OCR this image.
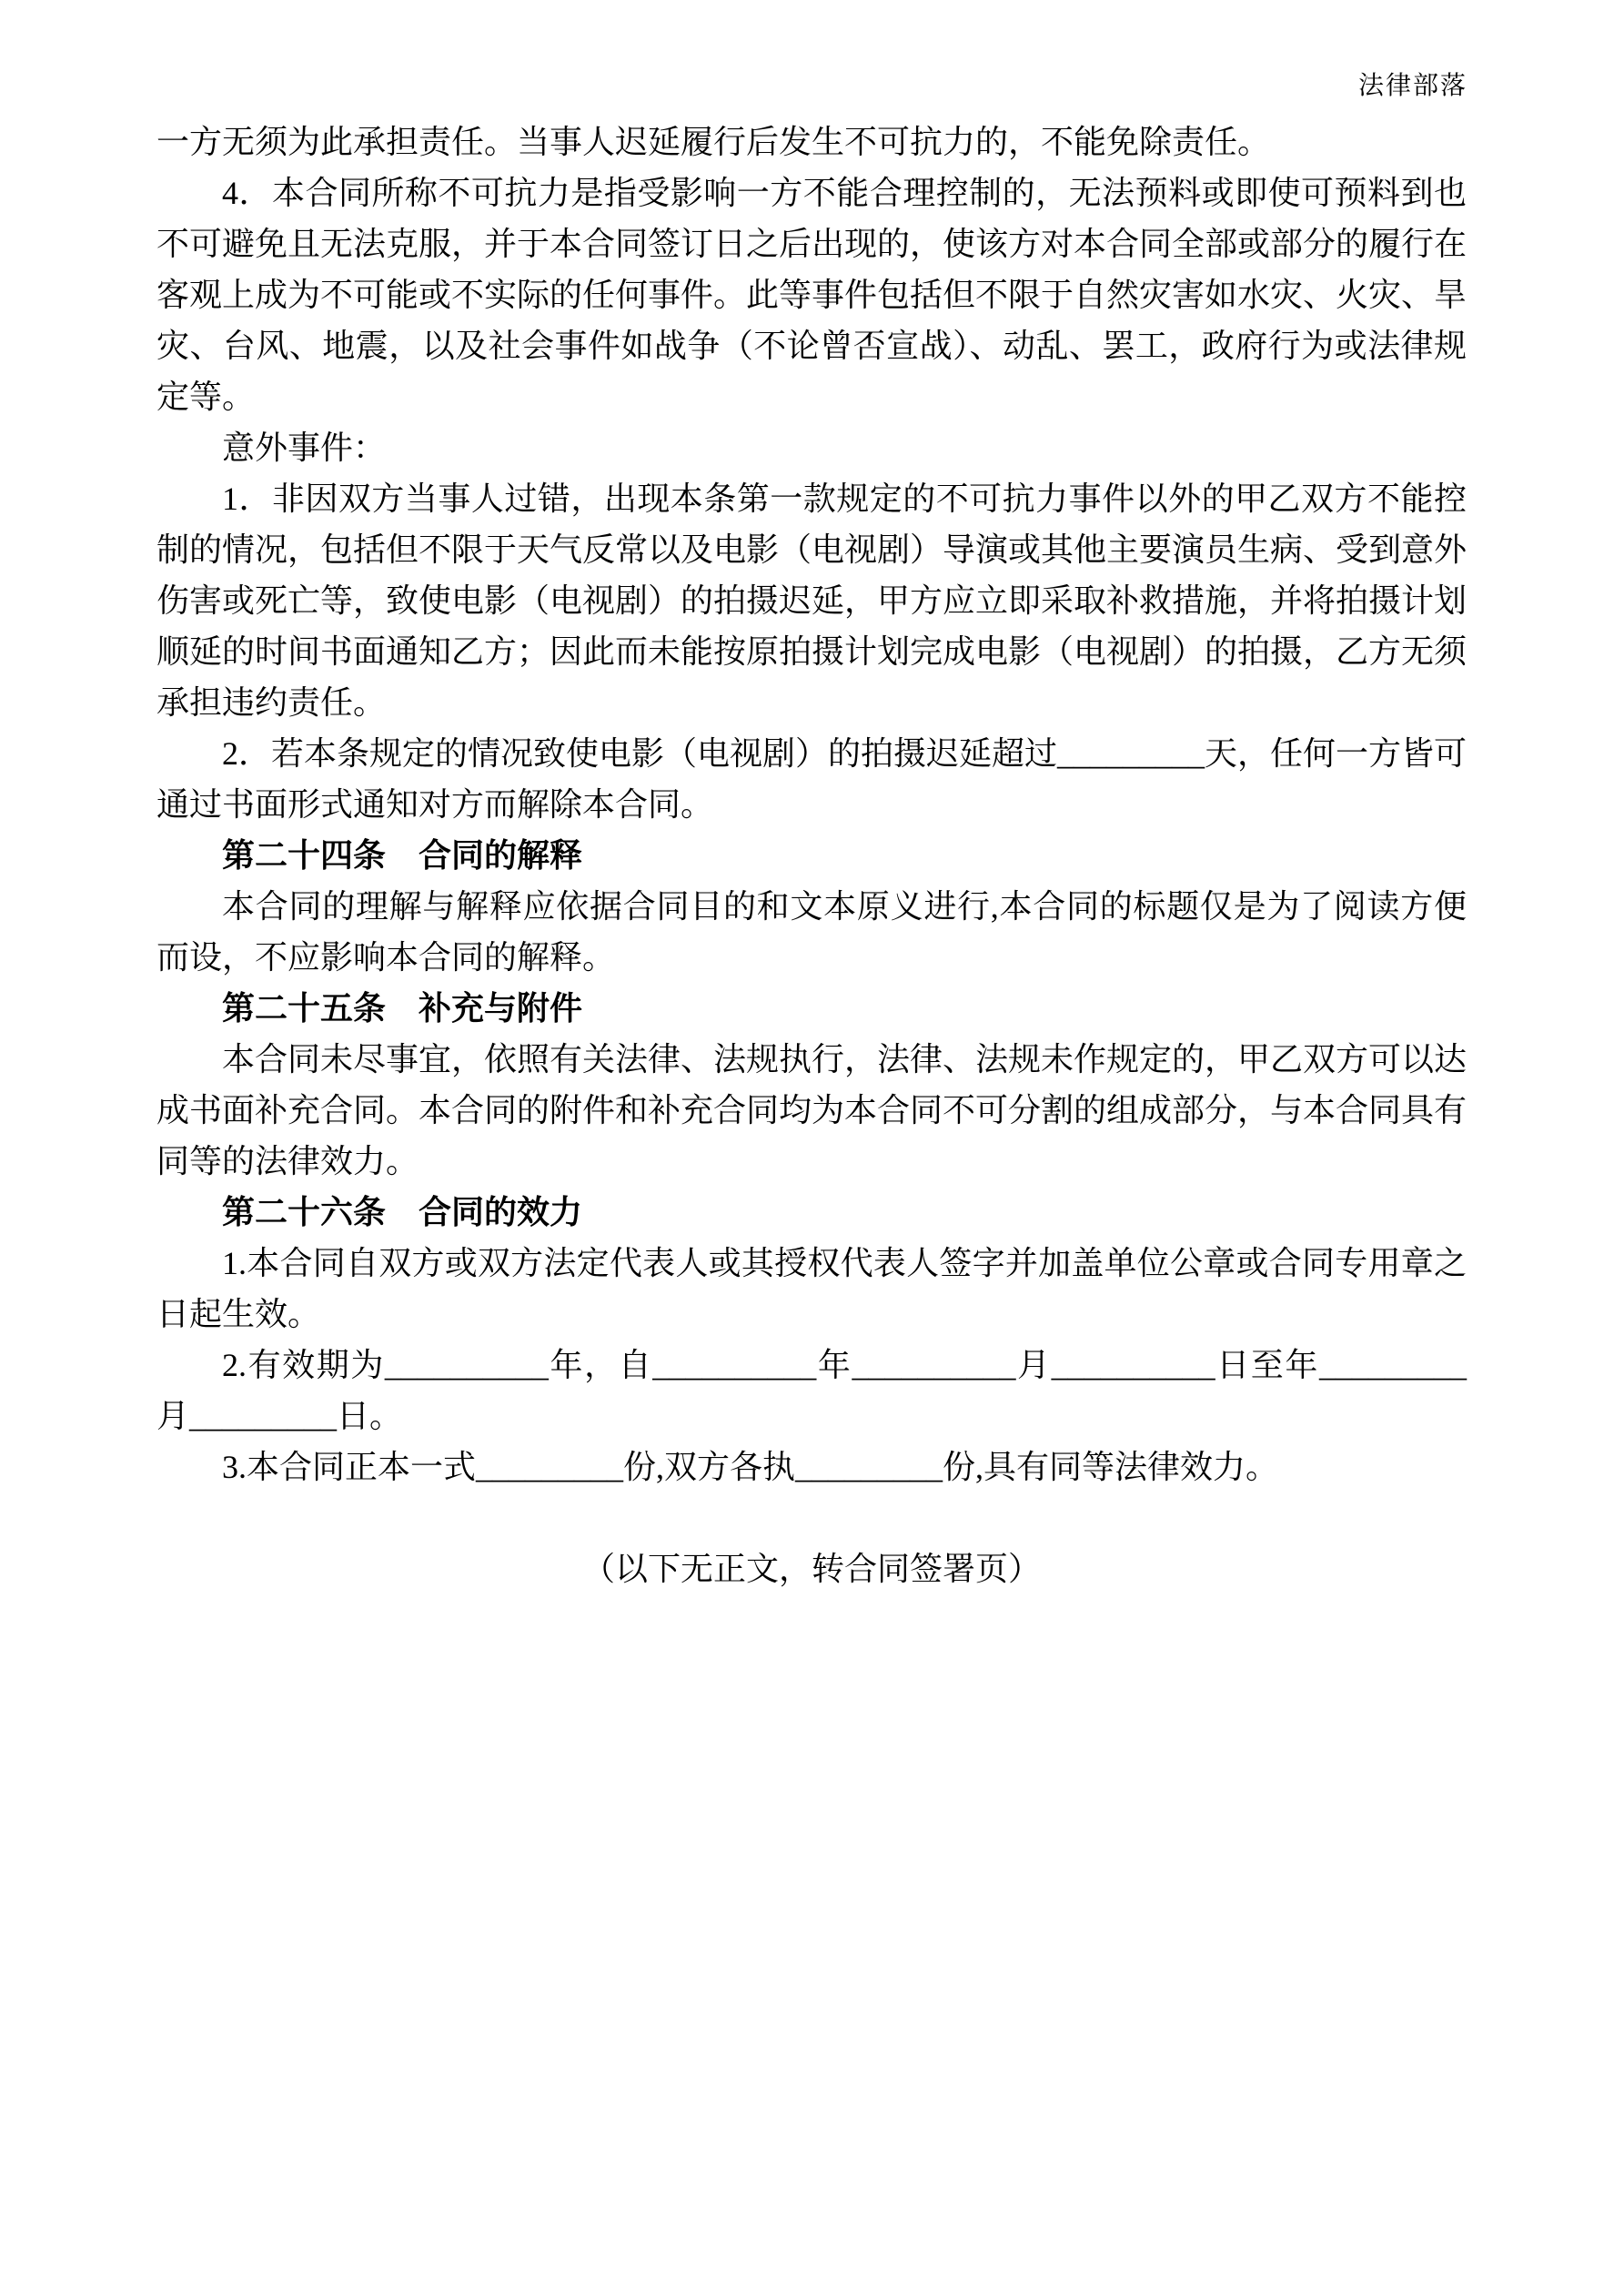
法律部落

一方无须为此承担责任。当事人迟延履行后发生不可抗力的，不能免除责任。

4．本合同所称不可抗力是指受影响一方不能合理控制的，无法预料或即使可预料到也不可避免且无法克服，并于本合同签订日之后出现的，使该方对本合同全部或部分的履行在客观上成为不可能或不实际的任何事件。此等事件包括但不限于自然灾害如水灾、火灾、旱灾、台风、地震，以及社会事件如战争（不论曾否宣战）、动乱、罢工，政府行为或法律规定等。

意外事件：

1．非因双方当事人过错，出现本条第一款规定的不可抗力事件以外的甲乙双方不能控制的情况，包括但不限于天气反常以及电影（电视剧）导演或其他主要演员生病、受到意外伤害或死亡等，致使电影（电视剧）的拍摄迟延，甲方应立即采取补救措施，并将拍摄计划顺延的时间书面通知乙方；因此而未能按原拍摄计划完成电影（电视剧）的拍摄，乙方无须承担违约责任。

2．若本条规定的情况致使电影（电视剧）的拍摄迟延超过_________天，任何一方皆可通过书面形式通知对方而解除本合同。

第二十四条　合同的解释

本合同的理解与解释应依据合同目的和文本原义进行,本合同的标题仅是为了阅读方便而设，不应影响本合同的解释。

第二十五条　补充与附件

本合同未尽事宜，依照有关法律、法规执行，法律、法规未作规定的，甲乙双方可以达成书面补充合同。本合同的附件和补充合同均为本合同不可分割的组成部分，与本合同具有同等的法律效力。

第二十六条　合同的效力

1.本合同自双方或双方法定代表人或其授权代表人签字并加盖单位公章或合同专用章之日起生效。

2.有效期为__________年，自__________年__________月__________日至年_________月_________日。

3.本合同正本一式_________份,双方各执_________份,具有同等法律效力。

（以下无正文，转合同签署页）
